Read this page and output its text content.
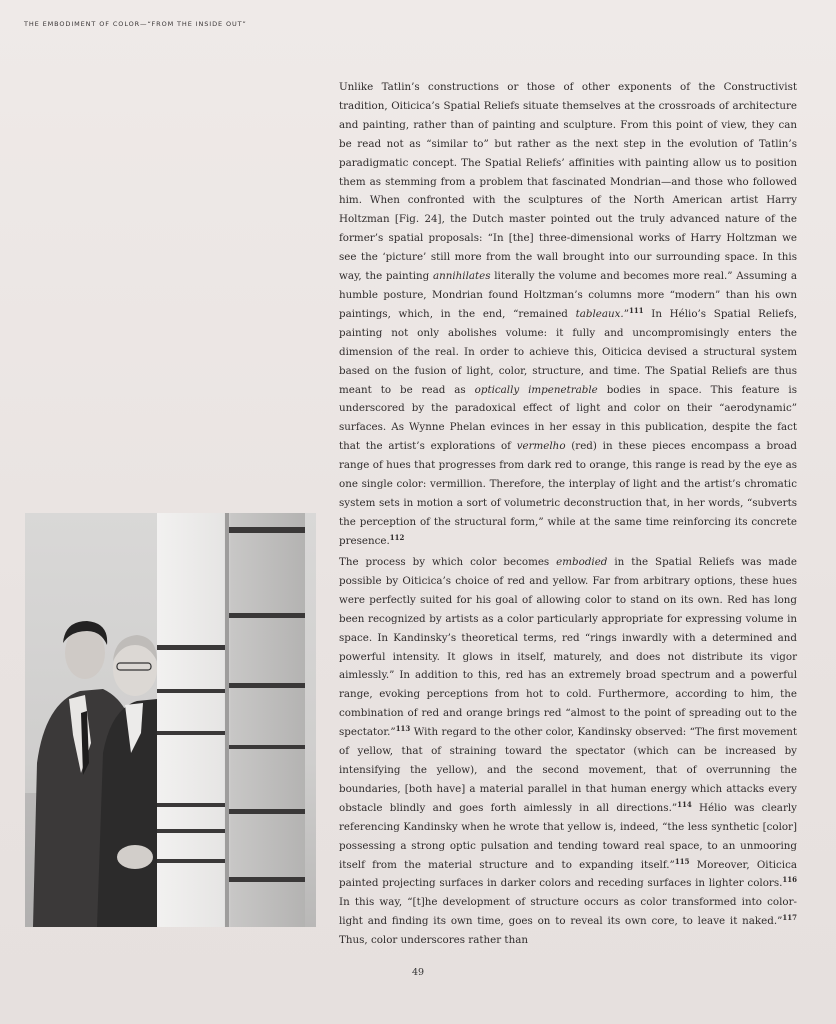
THE EMBODIMENT OF COLOR—“FROM THE INSIDE OUT”

Unlike Tatlin’s constructions or those of other exponents of the Constructivist tradition, Oiticica’s Spatial Reliefs situate themselves at the crossroads of architecture and painting, rather than of painting and sculpture. From this point of view, they can be read not as “similar to” but rather as the next step in the evolution of Tatlin’s paradigmatic concept. The Spatial Reliefs’ affinities with painting allow us to position them as stemming from a problem that fascinated Mondrian—and those who followed him. When confronted with the sculptures of the North American artist Harry Holtzman [Fig. 24], the Dutch master pointed out the truly advanced nature of the former’s spatial proposals: “In [the] three-dimensional works of Harry Holtzman we see the ‘picture’ still more from the wall brought into our surrounding space. In this way, the painting annihilates literally the volume and becomes more real.” Assuming a humble posture, Mondrian found Holtzman’s columns more “modern” than his own paintings, which, in the end, “remained tableaux.”$^{111}$ In Hélio’s Spatial Reliefs, painting not only abolishes volume: it fully and uncompromisingly enters the dimension of the real. In order to achieve this, Oiticica devised a structural system based on the fusion of light, color, structure, and time. The Spatial Reliefs are thus meant to be read as optically impenetrable bodies in space. This feature is underscored by the paradoxical effect of light and color on their “aerodynamic” surfaces. As Wynne Phelan evinces in her essay in this publication, despite the fact that the artist’s explorations of vermelho (red) in these pieces encompass a broad range of hues that progresses from dark red to orange, this range is read by the eye as one single color: vermillion. Therefore, the interplay of light and the artist’s chromatic system sets in motion a sort of volumetric deconstruction that, in her words, “subverts the perception of the structural form,” while at the same time reinforcing its concrete presence.$^{112}$

The process by which color becomes embodied in the Spatial Reliefs was made possible by Oiticica’s choice of red and yellow. Far from arbitrary options, these hues were perfectly suited for his goal of allowing color to stand on its own. Red has long been recognized by artists as a color particularly appropriate for expressing volume in space. In Kandinsky’s theoretical terms, red “rings inwardly with a determined and powerful intensity. It glows in itself, maturely, and does not distribute its vigor aimlessly.” In addition to this, red has an extremely broad spectrum and a powerful range, evoking perceptions from hot to cold. Furthermore, according to him, the combination of red and orange brings red “almost to the point of spreading out to the spectator.”$^{113}$ With regard to the other color, Kandinsky observed: “The first movement of yellow, that of straining toward the spectator (which can be increased by intensifying the yellow), and the second movement, that of overrunning the boundaries, [both have] a material parallel in that human energy which attacks every obstacle blindly and goes forth aimlessly in all directions.”$^{114}$ Hélio was clearly referencing Kandinsky when he wrote that yellow is, indeed, “the less synthetic [color] possessing a strong optic pulsation and tending toward real space, to an unmooring itself from the material structure and to expanding itself.”$^{115}$ Moreover, Oiticica painted projecting surfaces in darker colors and receding surfaces in lighter colors.$^{116}$ In this way, “[t]he development of structure occurs as color transformed into color-light and finding its own time, goes on to reveal its own core, to leave it naked.”$^{117}$ Thus, color underscores rather than

49
